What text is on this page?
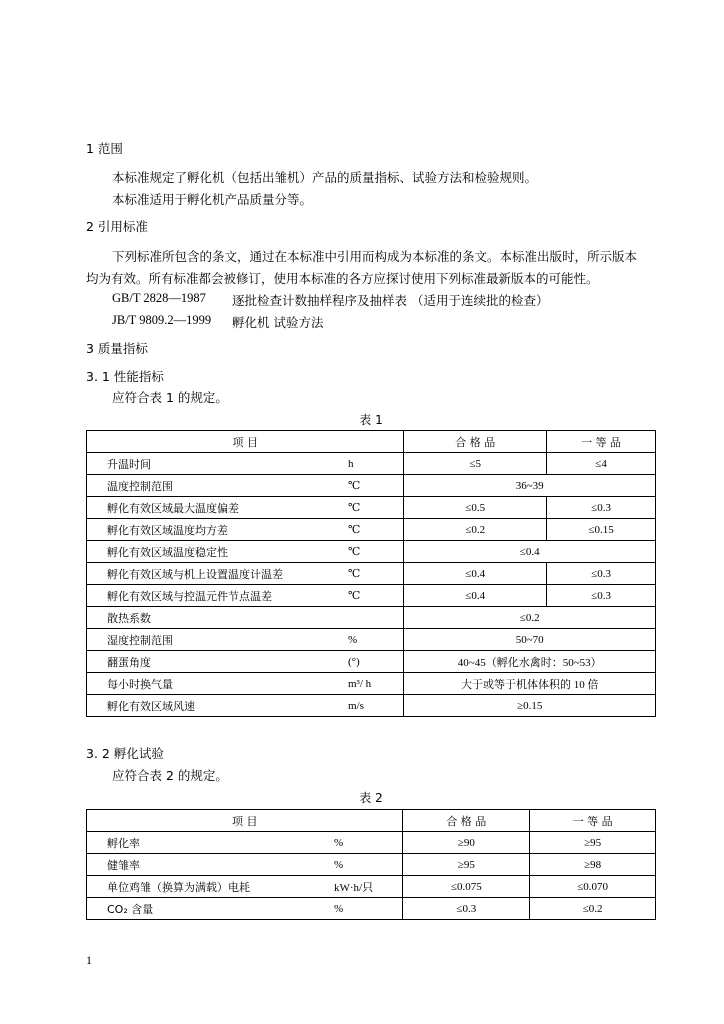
1 范围
本标准规定了孵化机（包括出雏机）产品的质量指标、试验方法和检验规则。
本标准适用于孵化机产品质量分等。
2 引用标准
下列标准所包含的条文，通过在本标准中引用而构成为本标准的条文。本标准出版时，所示版本
均为有效。所有标准都会被修订，使用本标准的各方应探讨使用下列标准最新版本的可能性。
GB/T 2828—1987 逐批检查计数抽样程序及抽样表 （适用于连续批的检查）
JB/T 9809.2—1999 孵化机 试验方法
3 质量指标
3. 1 性能指标
应符合表 1 的规定。
表 1
项 目		合 格 品	一 等 品
升温时间	h	≤5	≤4
温度控制范围	℃	36~39	
孵化有效区域最大温度偏差	℃	≤0.5	≤0.3
孵化有效区域温度均方差	℃	≤0.2	≤0.15
孵化有效区域温度稳定性	℃	≤0.4	
孵化有效区域与机上设置温度计温差	℃	≤0.4	≤0.3
孵化有效区域与控温元件节点温差	℃	≤0.4	≤0.3
散热系数		≤0.2	
湿度控制范围	%	50~70	
翻蛋角度	(°)	40~45（孵化水禽时：50~53）	
每小时换气量	m³/ h	大于或等于机体体积的 10 倍	
孵化有效区域风速	m/s	≥0.15	
3. 2 孵化试验
应符合表 2 的规定。
表 2
项 目		合 格 品	一 等 品
孵化率	%	≥90	≥95
健雏率	%	≥95	≥98
单位鸡雏（换算为满载）电耗	kW·h/只	≤0.075	≤0.070
CO₂ 含量	%	≤0.3	≤0.2
1
